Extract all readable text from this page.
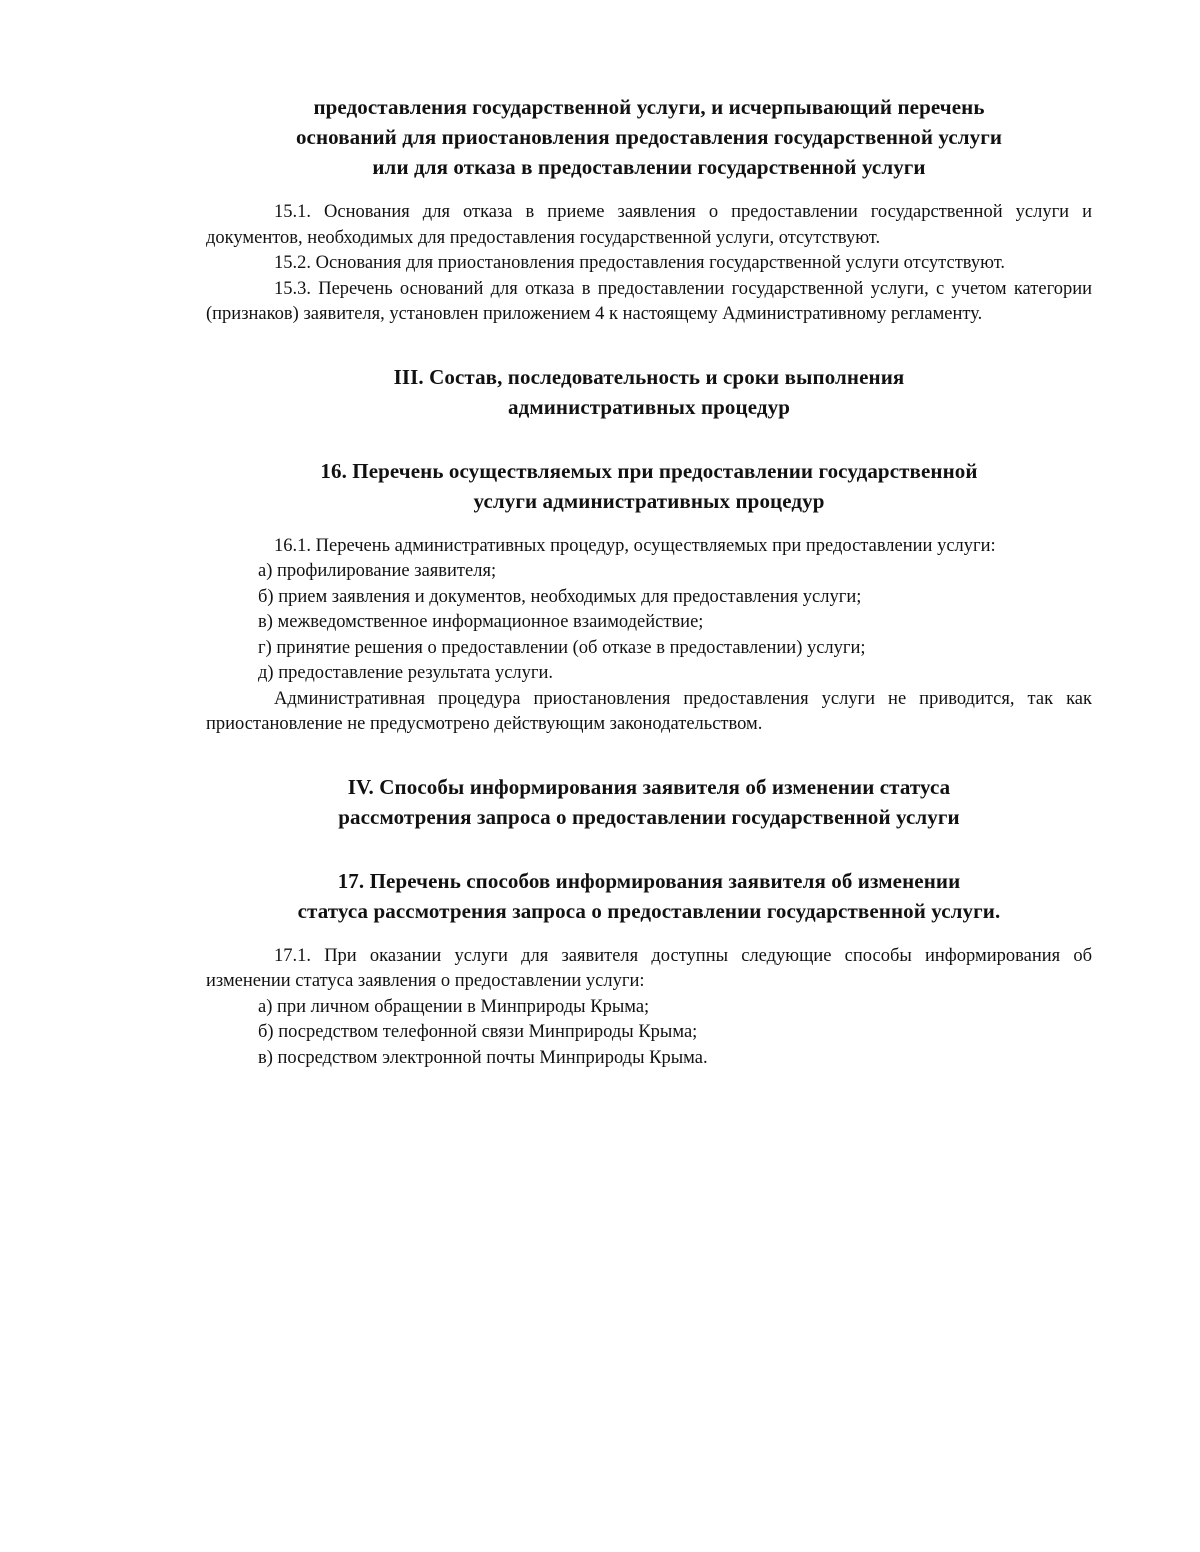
предоставления государственной услуги, и исчерпывающий перечень
оснований для приостановления предоставления государственной услуги
или для отказа в предоставлении государственной услуги

15.1. Основания для отказа в приеме заявления о предоставлении государственной услуги и документов, необходимых для предоставления государственной услуги, отсутствуют.

15.2. Основания для приостановления предоставления государственной услуги отсутствуют.

15.3. Перечень оснований для отказа в предоставлении государственной услуги, с учетом категории (признаков) заявителя, установлен приложением 4 к настоящему Административному регламенту.

III. Состав, последовательность и сроки выполнения
административных процедур
16. Перечень осуществляемых при предоставлении государственной
услуги административных процедур

16.1. Перечень административных процедур, осуществляемых при предоставлении услуги:

а) профилирование заявителя;

б) прием заявления и документов, необходимых для предоставления услуги;

в) межведомственное информационное взаимодействие;

г) принятие решения о предоставлении (об отказе в предоставлении) услуги;

д) предоставление результата услуги.

Административная процедура приостановления предоставления услуги не приводится, так как приостановление не предусмотрено действующим законодательством.

IV. Способы информирования заявителя об изменении статуса
рассмотрения запроса о предоставлении государственной услуги
17. Перечень способов информирования заявителя об изменении
статуса рассмотрения запроса о предоставлении государственной услуги.

17.1. При оказании услуги для заявителя доступны следующие способы информирования об изменении статуса заявления о предоставлении услуги:

а) при личном обращении в Минприроды Крыма;

б) посредством телефонной связи Минприроды Крыма;

в) посредством электронной почты Минприроды Крыма.
